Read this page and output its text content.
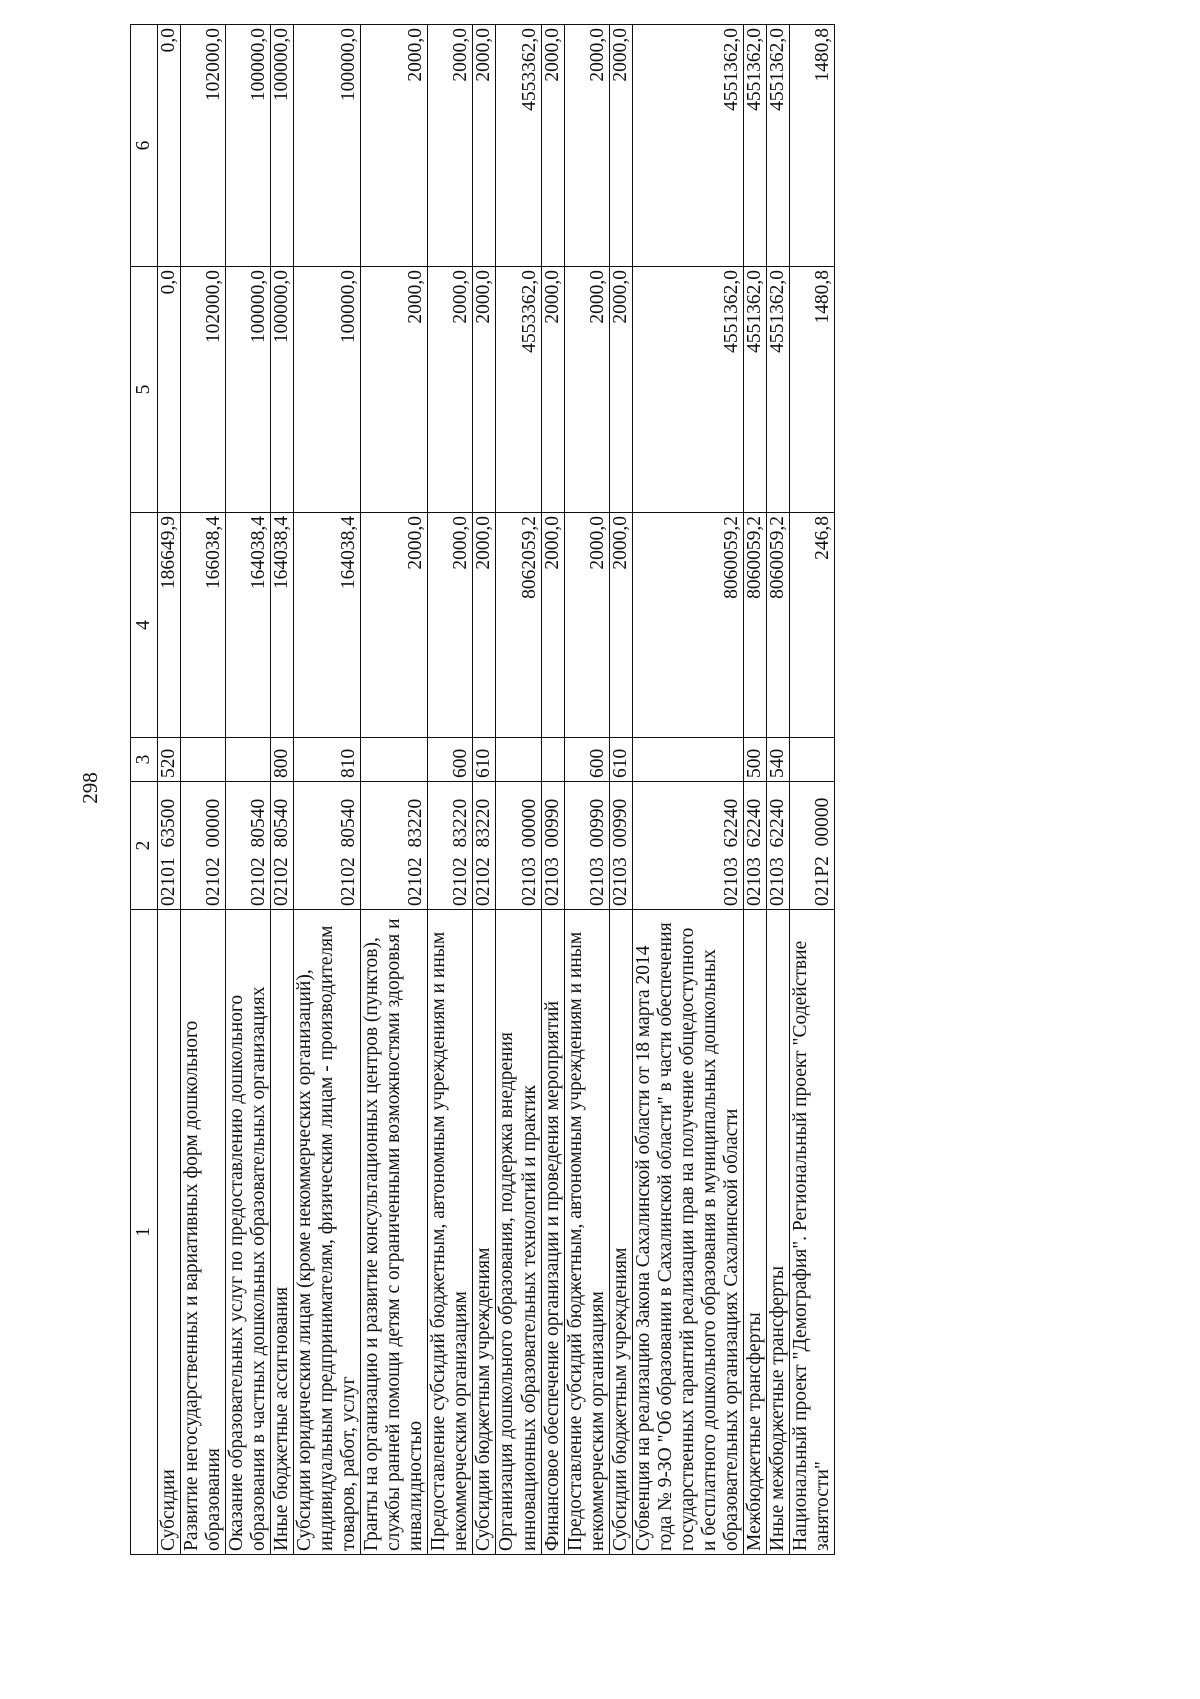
298
1	2	3	4	5	6
Субсидии	02101  63500	520	186649,9	0,0	0,0
Развитие негосударственных и вариативных форм дошкольного образования	02102  00000		166038,4	102000,0	102000,0
Оказание образовательных услуг по предоставлению дошкольного образования в частных дошкольных образовательных организациях	02102  80540		164038,4	100000,0	100000,0
Иные бюджетные ассигнования	02102  80540	800	164038,4	100000,0	100000,0
Субсидии юридическим лицам (кроме некоммерческих организаций), индивидуальным предпринимателям, физическим лицам - производителям товаров, работ, услуг	02102  80540	810	164038,4	100000,0	100000,0
Гранты на организацию и развитие консультационных центров (пунктов), службы ранней помощи детям с ограниченными возможностями здоровья и инвалидностью	02102  83220		2000,0	2000,0	2000,0
Предоставление субсидий бюджетным, автономным учреждениям и иным некоммерческим организациям	02102  83220	600	2000,0	2000,0	2000,0
Субсидии бюджетным учреждениям	02102  83220	610	2000,0	2000,0	2000,0
Организация дошкольного образования, поддержка внедрения инновационных образовательных технологий и практик	02103  00000		8062059,2	4553362,0	4553362,0
Финансовое обеспечение организации и проведения мероприятий	02103  00990		2000,0	2000,0	2000,0
Предоставление субсидий бюджетным, автономным учреждениям и иным некоммерческим организациям	02103  00990	600	2000,0	2000,0	2000,0
Субсидии бюджетным учреждениям	02103  00990	610	2000,0	2000,0	2000,0
Субвенция на реализацию Закона Сахалинской области от 18 марта 2014 года № 9-ЗО "Об образовании в Сахалинской области" в части обеспечения государственных гарантий реализации прав на получение общедоступного и бесплатного дошкольного образования в муниципальных дошкольных образовательных организациях Сахалинской области	02103  62240		8060059,2	4551362,0	4551362,0
Межбюджетные трансферты	02103  62240	500	8060059,2	4551362,0	4551362,0
Иные межбюджетные трансферты	02103  62240	540	8060059,2	4551362,0	4551362,0
Национальный проект "Демография". Региональный проект "Содействие занятости"	021P2  00000		246,8	1480,8	1480,8
